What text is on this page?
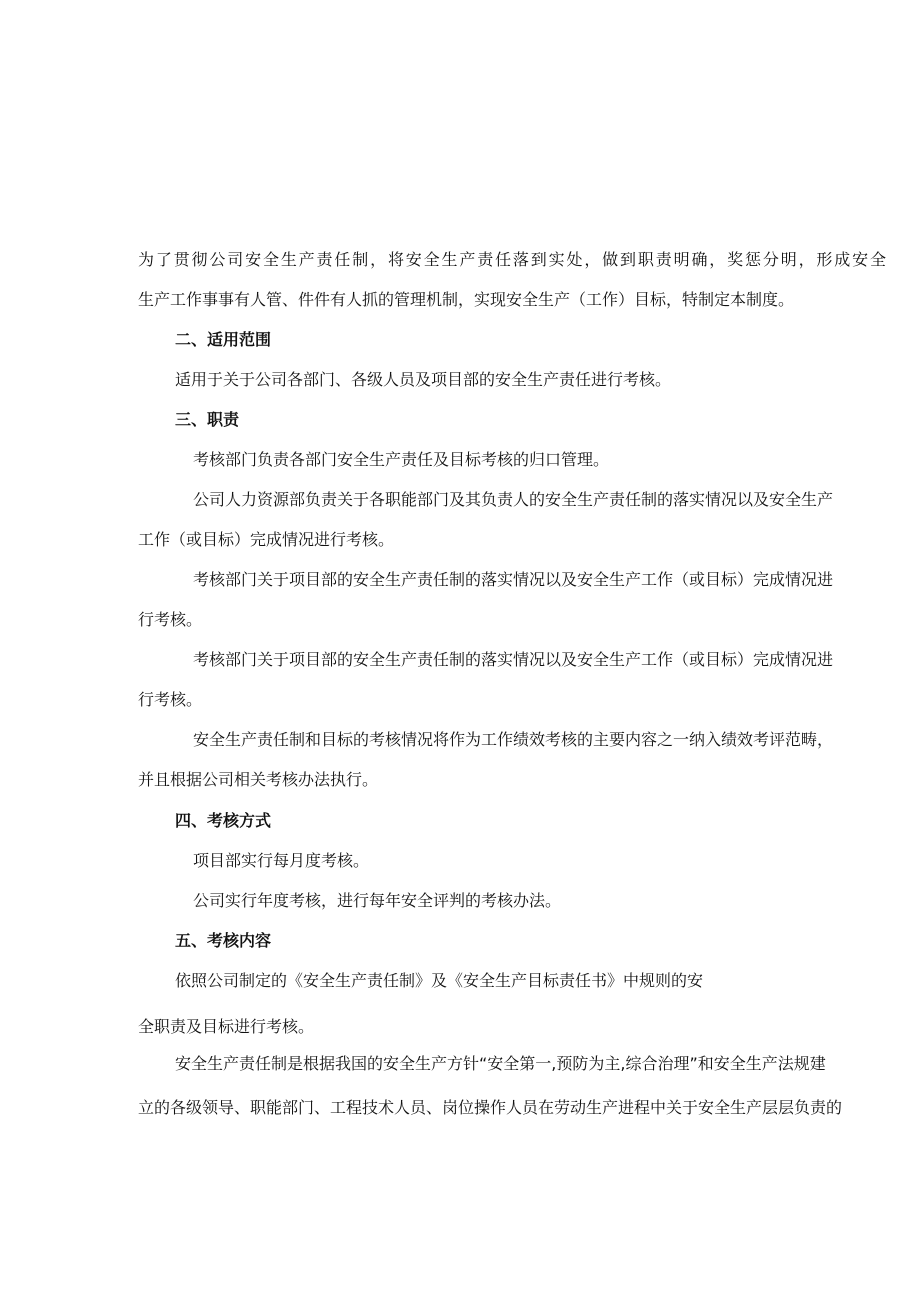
为了贯彻公司安全生产责任制，将安全生产责任落到实处，做到职责明确，奖惩分明，形成安全
生产工作事事有人管、件件有人抓的管理机制，实现安全生产（工作）目标，特制定本制度。
二、适用范围
适用于关于公司各部门、各级人员及项目部的安全生产责任进行考核。
三、职责
考核部门负责各部门安全生产责任及目标考核的归口管理。
公司人力资源部负责关于各职能部门及其负责人的安全生产责任制的落实情况以及安全生产
工作（或目标）完成情况进行考核。
考核部门关于项目部的安全生产责任制的落实情况以及安全生产工作（或目标）完成情况进
行考核。
考核部门关于项目部的安全生产责任制的落实情况以及安全生产工作（或目标）完成情况进
行考核。
安全生产责任制和目标的考核情况将作为工作绩效考核的主要内容之一纳入绩效考评范畴，
并且根据公司相关考核办法执行。
四、考核方式
项目部实行每月度考核。
公司实行年度考核，进行每年安全评判的考核办法。
五、考核内容
依照公司制定的《安全生产责任制》及《安全生产目标责任书》中规则的安
全职责及目标进行考核。
安全生产责任制是根据我国的安全生产方针“安全第一,预防为主,综合治理”和安全生产法规建
立的各级领导、职能部门、工程技术人员、岗位操作人员在劳动生产进程中关于安全生产层层负责的
